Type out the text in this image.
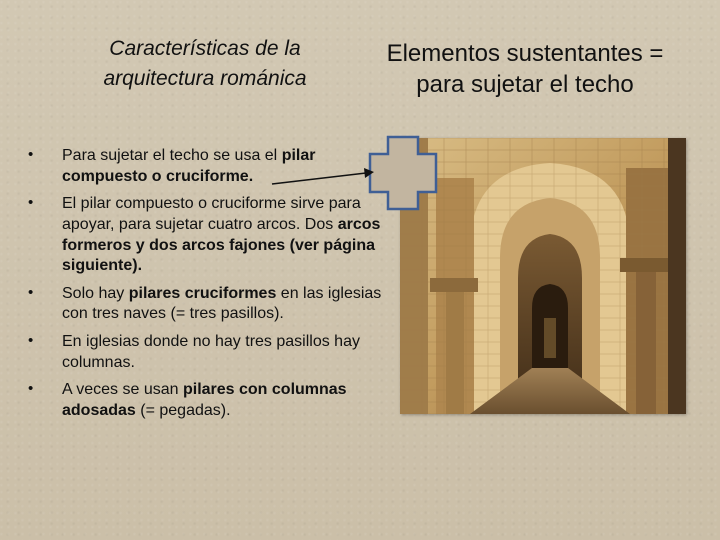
Características de la
arquitectura románica
Elementos sustentantes =
para sujetar el techo
• Para sujetar el techo se usa el pilar compuesto o cruciforme.
• El pilar compuesto o cruciforme sirve para apoyar, para sujetar cuatro arcos. Dos arcos formeros y dos arcos fajones (ver página siguiente).
• Solo hay pilares cruciformes en las iglesias con tres naves (= tres pasillos).
• En iglesias donde no hay tres pasillos hay columnas.
• A veces se usan pilares con columnas adosadas (= pegadas).
